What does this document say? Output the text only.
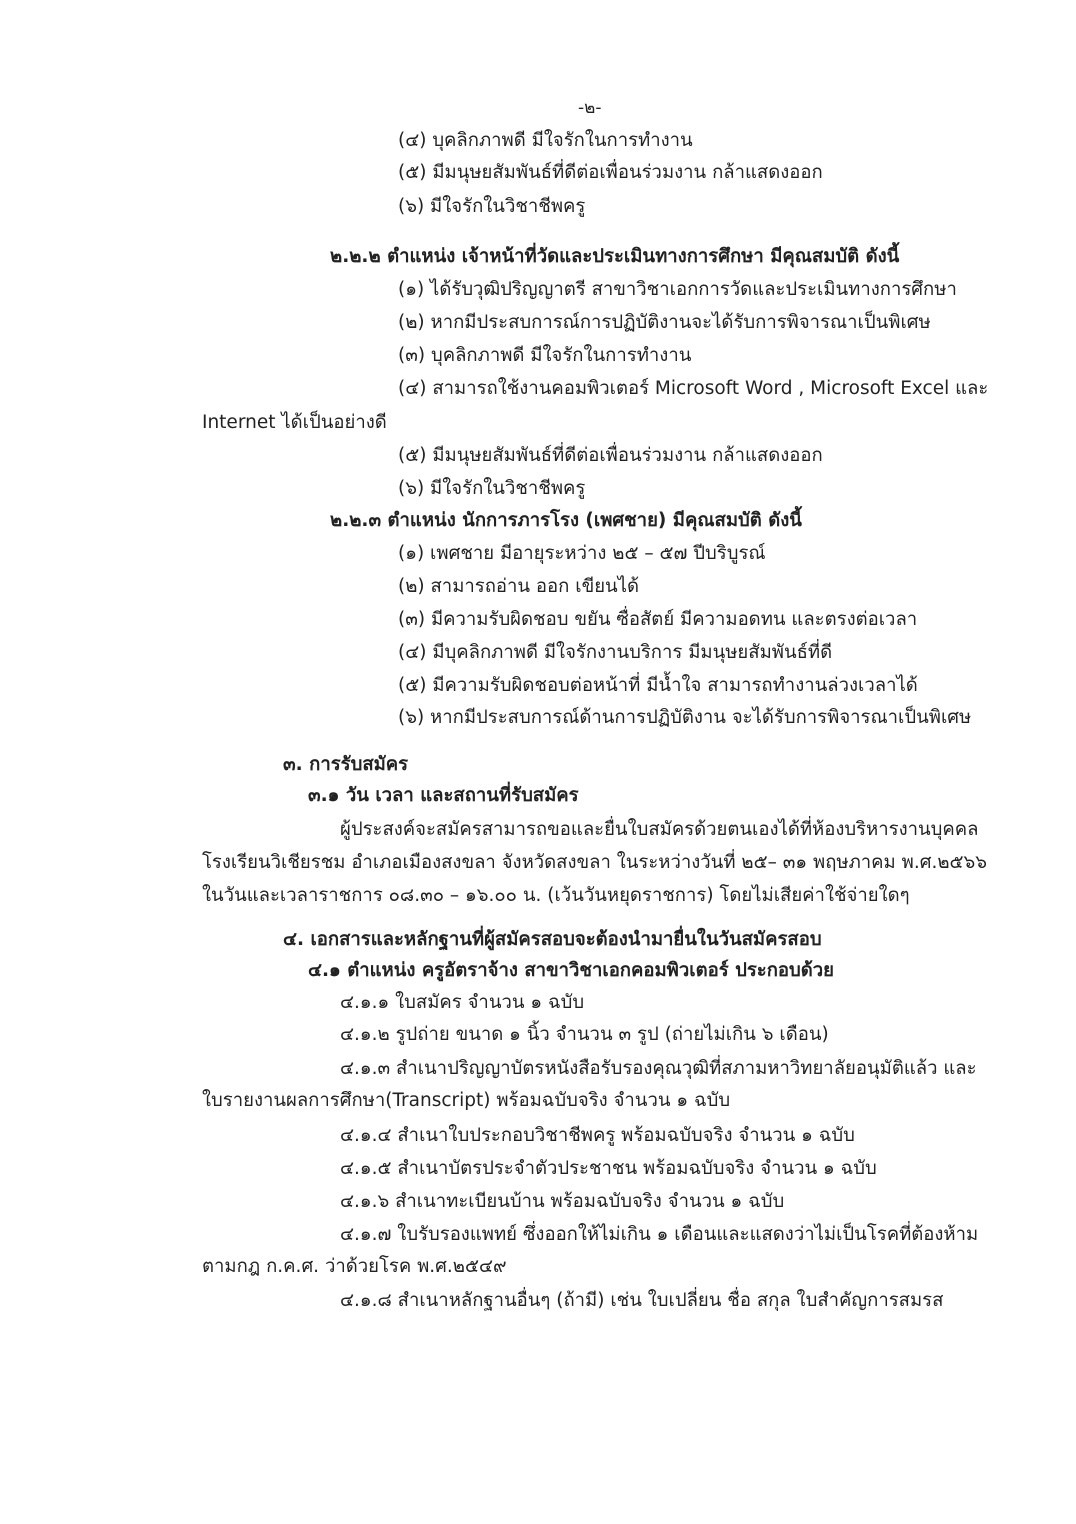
-๒-
(๔) บุคลิกภาพดี มีใจรักในการทำงาน
(๕) มีมนุษยสัมพันธ์ที่ดีต่อเพื่อนร่วมงาน กล้าแสดงออก
(๖) มีใจรักในวิชาชีพครู
๒.๒.๒ ตำแหน่ง เจ้าหน้าที่วัดและประเมินทางการศึกษา มีคุณสมบัติ ดังนี้
(๑) ได้รับวุฒิปริญญาตรี สาขาวิชาเอกการวัดและประเมินทางการศึกษา
(๒) หากมีประสบการณ์การปฏิบัติงานจะได้รับการพิจารณาเป็นพิเศษ
(๓) บุคลิกภาพดี มีใจรักในการทำงาน
(๔) สามารถใช้งานคอมพิวเตอร์ Microsoft Word , Microsoft Excel และ
Internet ได้เป็นอย่างดี
(๕) มีมนุษยสัมพันธ์ที่ดีต่อเพื่อนร่วมงาน กล้าแสดงออก
(๖) มีใจรักในวิชาชีพครู
๒.๒.๓ ตำแหน่ง นักการภารโรง (เพศชาย) มีคุณสมบัติ ดังนี้
(๑) เพศชาย มีอายุระหว่าง ๒๕ – ๕๗ ปีบริบูรณ์
(๒) สามารถอ่าน ออก เขียนได้
(๓) มีความรับผิดชอบ ขยัน ซื่อสัตย์ มีความอดทน และตรงต่อเวลา
(๔) มีบุคลิกภาพดี มีใจรักงานบริการ มีมนุษยสัมพันธ์ที่ดี
(๕) มีความรับผิดชอบต่อหน้าที่ มีน้ำใจ สามารถทำงานล่วงเวลาได้
(๖) หากมีประสบการณ์ด้านการปฏิบัติงาน จะได้รับการพิจารณาเป็นพิเศษ
๓. การรับสมัคร
๓.๑ วัน เวลา และสถานที่รับสมัคร
ผู้ประสงค์จะสมัครสามารถขอและยื่นใบสมัครด้วยตนเองได้ที่ห้องบริหารงานบุคคล
โรงเรียนวิเชียรชม อำเภอเมืองสงขลา จังหวัดสงขลา ในระหว่างวันที่ ๒๕– ๓๑ พฤษภาคม พ.ศ.๒๕๖๖
ในวันและเวลาราชการ ๐๘.๓๐ – ๑๖.๐๐ น. (เว้นวันหยุดราชการ) โดยไม่เสียค่าใช้จ่ายใดๆ
๔. เอกสารและหลักฐานที่ผู้สมัครสอบจะต้องนำมายื่นในวันสมัครสอบ
๔.๑ ตำแหน่ง ครูอัตราจ้าง สาขาวิชาเอกคอมพิวเตอร์ ประกอบด้วย
๔.๑.๑ ใบสมัคร จำนวน ๑ ฉบับ
๔.๑.๒ รูปถ่าย ขนาด ๑ นิ้ว จำนวน ๓ รูป (ถ่ายไม่เกิน ๖ เดือน)
๔.๑.๓ สำเนาปริญญาบัตรหนังสือรับรองคุณวุฒิที่สภามหาวิทยาลัยอนุมัติแล้ว และ
ใบรายงานผลการศึกษา(Transcript) พร้อมฉบับจริง จำนวน ๑ ฉบับ
๔.๑.๔ สำเนาใบประกอบวิชาชีพครู พร้อมฉบับจริง จำนวน ๑ ฉบับ
๔.๑.๕ สำเนาบัตรประจำตัวประชาชน พร้อมฉบับจริง จำนวน ๑ ฉบับ
๔.๑.๖ สำเนาทะเบียนบ้าน พร้อมฉบับจริง จำนวน ๑ ฉบับ
๔.๑.๗ ใบรับรองแพทย์ ซึ่งออกให้ไม่เกิน ๑ เดือนและแสดงว่าไม่เป็นโรคที่ต้องห้าม
ตามกฎ ก.ค.ศ. ว่าด้วยโรค พ.ศ.๒๕๔๙
๔.๑.๘ สำเนาหลักฐานอื่นๆ (ถ้ามี) เช่น ใบเปลี่ยน ชื่อ สกุล ใบสำคัญการสมรส
